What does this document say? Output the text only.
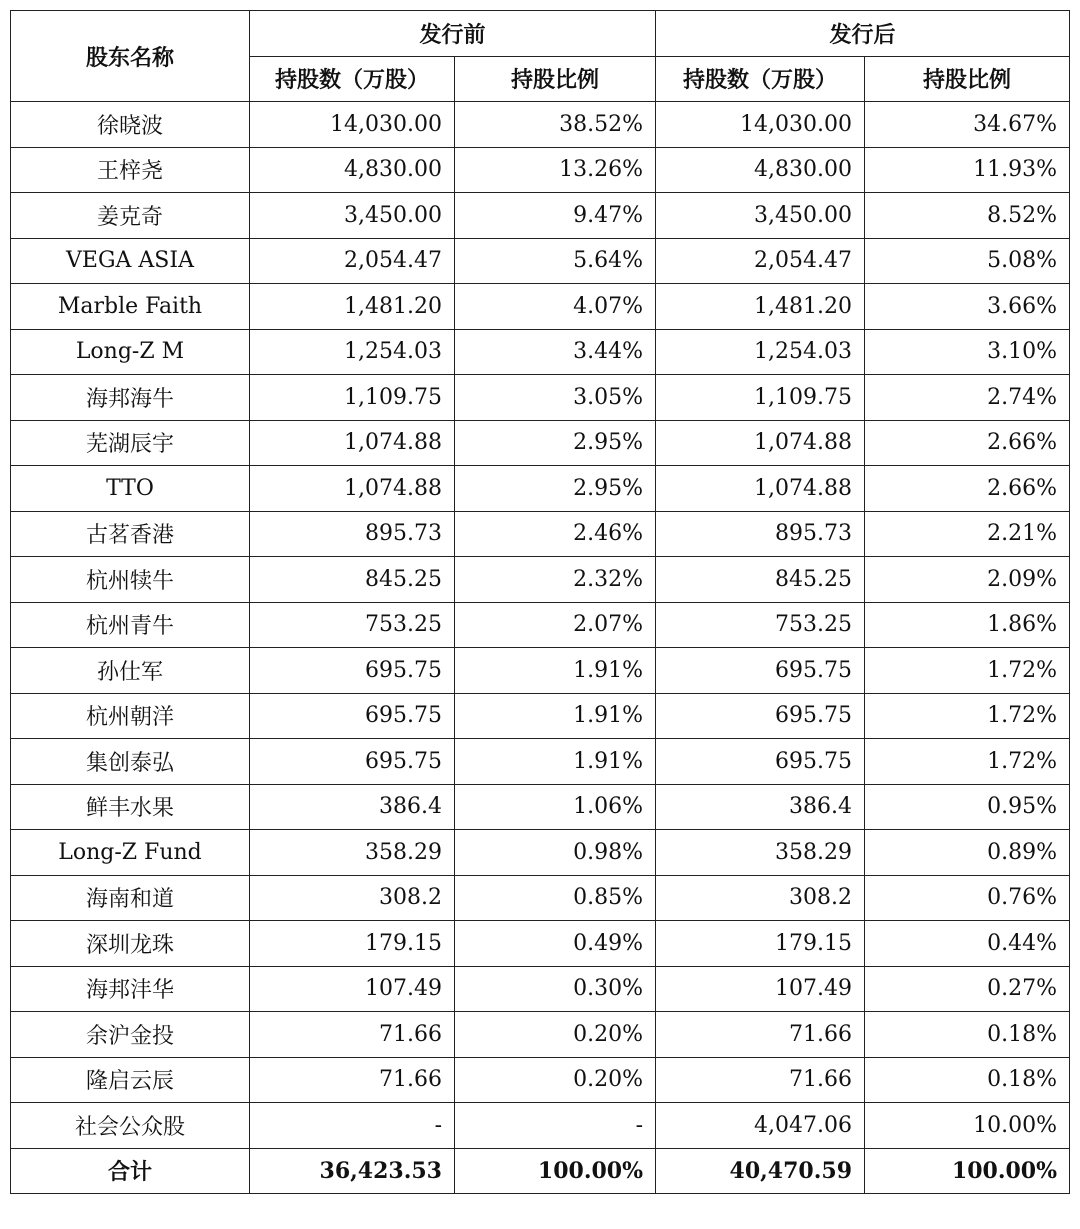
股东名称	发行前		发行后	
	持股数（万股）	持股比例	持股数（万股）	持股比例
徐晓波	14,030.00	38.52%	14,030.00	34.67%
王梓尧	4,830.00	13.26%	4,830.00	11.93%
姜克奇	3,450.00	9.47%	3,450.00	8.52%
VEGA ASIA	2,054.47	5.64%	2,054.47	5.08%
Marble Faith	1,481.20	4.07%	1,481.20	3.66%
Long-Z M	1,254.03	3.44%	1,254.03	3.10%
海邦海牛	1,109.75	3.05%	1,109.75	2.74%
芜湖辰宇	1,074.88	2.95%	1,074.88	2.66%
TTO	1,074.88	2.95%	1,074.88	2.66%
古茗香港	895.73	2.46%	895.73	2.21%
杭州犊牛	845.25	2.32%	845.25	2.09%
杭州青牛	753.25	2.07%	753.25	1.86%
孙仕军	695.75	1.91%	695.75	1.72%
杭州朝洋	695.75	1.91%	695.75	1.72%
集创泰弘	695.75	1.91%	695.75	1.72%
鲜丰水果	386.4	1.06%	386.4	0.95%
Long-Z Fund	358.29	0.98%	358.29	0.89%
海南和道	308.2	0.85%	308.2	0.76%
深圳龙珠	179.15	0.49%	179.15	0.44%
海邦沣华	107.49	0.30%	107.49	0.27%
余沪金投	71.66	0.20%	71.66	0.18%
隆启云辰	71.66	0.20%	71.66	0.18%
社会公众股	-	-	4,047.06	10.00%
合计	36,423.53	100.00%	40,470.59	100.00%
